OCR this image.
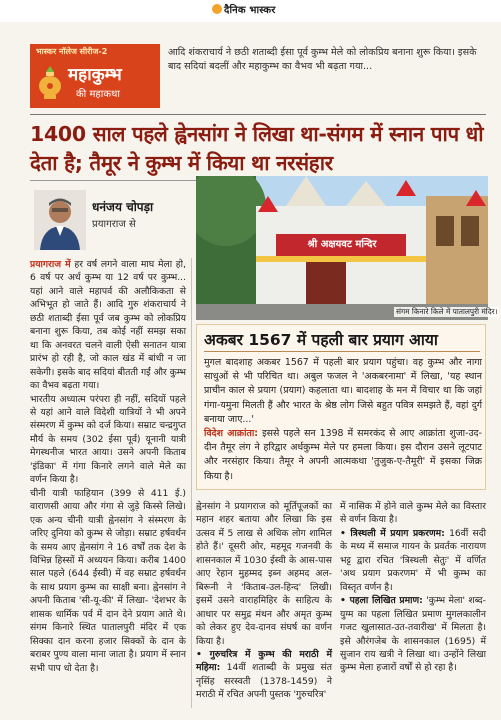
दैनिक भास्कर
भास्कर नॉलेज सीरीज-2
महाकुम्भ
की महाकथा
आदि शंकराचार्य ने छठी शताब्दी ईसा पूर्व कुम्भ मेले को लोकप्रिय बनाना शुरू किया। इसके बाद सदियां बदलीं और महाकुम्भ का वैभव भी बढ़ता गया...
1400 साल पहले ह्वेनसांग ने लिखा था-संगम में स्नान पाप धो देता है; तैमूर ने कुम्भ में किया था नरसंहार
धनंजय चोपड़ा
प्रयागराज से
श्री अक्षयवट मन्दिर
संगम किनारे किले में पातालपुरी मंदिर।

प्रयागराज में हर वर्ष लगने वाला माघ मेला हो, 6 वर्ष पर अर्ध कुम्भ या 12 वर्ष पर कुम्भ... यहां आने वाले महापर्व की अलौकिकता से अभिभूत हो जाते हैं। आदि गुरु शंकराचार्य ने छठी शताब्दी ईसा पूर्व जब कुम्भ को लोकप्रिय बनाना शुरू किया, तब कोई नहीं समझ सका था कि अनवरत चलने वाली ऐसी सनातन यात्रा प्रारंभ हो रही है, जो काल खंड में बांधी न जा सकेगी। इसके बाद सदियां बीतती गईं और कुम्भ का वैभव बढ़ता गया।

भारतीय अध्यात्म परंपरा ही नहीं, सदियों पहले से यहां आने वाले विदेशी यात्रियों ने भी अपने संस्मरण में कुम्भ को दर्ज किया। सम्राट चन्द्रगुप्त मौर्य के समय (302 ईसा पूर्व) यूनानी यात्री मेगस्थनीज भारत आया। उसने अपनी किताब 'इंडिका' में गंगा किनारे लगने वाले मेले का वर्णन किया है।

चीनी यात्री फाहियान (399 से 411 ई.) वाराणसी आया और गंगा से जुड़े किस्से लिखे। एक अन्य चीनी यात्री ह्वेनसांग ने संस्मरण के जरिए दुनिया को कुम्भ से जोड़ा। सम्राट हर्षवर्धन के समय आए ह्वेनसांग ने 16 वर्षों तक देश के विभिन्न हिस्सों में अध्ययन किया। करीब 1400 साल पहले (644 ईस्वी) में वह सम्राट हर्षवर्धन के साथ प्रयाग कुम्भ का साक्षी बना। ह्वेनसांग ने अपनी किताब 'सी-यू-की' में लिखा- 'देशभर के शासक धार्मिक पर्व में दान देने प्रयाग आते थे। संगम किनारे स्थित पातालपुरी मंदिर में एक सिक्का दान करना हजार सिक्कों के दान के बराबर पुण्य वाला माना जाता है। प्रयाग में स्नान सभी पाप धो देता है।

अकबर 1567 में पहली बार प्रयाग आया

मुगल बादशाह अकबर 1567 में पहली बार प्रयाग पहुंचा। वह कुम्भ और नागा साधुओं से भी परिचित था। अबुल फजल ने 'अकबरनामा' में लिखा, 'यह स्थान प्राचीन काल से प्रयाग (प्रयाग) कहलाता था। बादशाह के मन में विचार था कि जहां गंगा-यमुना मिलती हैं और भारत के श्रेष्ठ लोग जिसे बहुत पवित्र समझते हैं, वहां दुर्ग बनाया जाए...'

विदेश आक्रांता: इससे पहले सन 1398 में समरकंद से आए आक्रांता शुजा-उद-दीन तैमूर लंग ने हरिद्वार अर्धकुम्भ मेले पर हमला किया। इस दौरान उसने लूटपाट और नरसंहार किया। तैमूर ने अपनी आत्मकथा 'तुजुक-ए-तैमूरी' में इसका जिक्र किया है।

ह्वेनसांग ने प्रयागराज को मूर्तिपूजकों का महान शहर बताया और लिखा कि इस उत्सव में 5 लाख से अधिक लोग शामिल होते हैं।' दूसरी ओर, महमूद गजनवी के शासनकाल में 1030 ईस्वी के आस-पास आए रेहान मुहम्मद इब्न अहमद अल-बिरूनी ने 'किताब-उल-हिन्द' लिखी। इसमें उसने वाराहमिहिर के साहित्य के आधार पर समुद्र मंथन और अमृत कुम्भ को लेकर हुए देव-दानव संघर्ष का वर्णन किया है।

• गुरुचरित्र में कुम्भ की मराठी में महिमा: 14वीं शताब्दी के प्रमुख संत नृसिंह सरस्वती (1378-1459) ने मराठी में रचित अपनी पुस्तक 'गुरुचरित्र'

में नासिक में होने वाले कुम्भ मेले का विस्तार से वर्णन किया है।

• त्रिस्थली में प्रयाग प्रकरणम: 16वीं सदी के मध्य में समाज गायन के प्रवर्तक नारायण भट्ट द्वारा रचित 'त्रिस्थली सेतुः' में वर्णित 'अथ प्रयाग प्रकरणम' में भी कुम्भ का विस्तृत वर्णन है।

• पहला लिखित प्रमाण: 'कुम्भ मेला' शब्द-युग्म का पहला लिखित प्रमाण मुगलकालीन गजट खुलासात-उत-तवारीख' में मिलता है। इसे औरंगजेब के शासनकाल (1695) में सुजान राय खत्री ने लिखा था। उन्होंने लिखा कुम्भ मेला हजारों वर्षों से हो रहा है।
